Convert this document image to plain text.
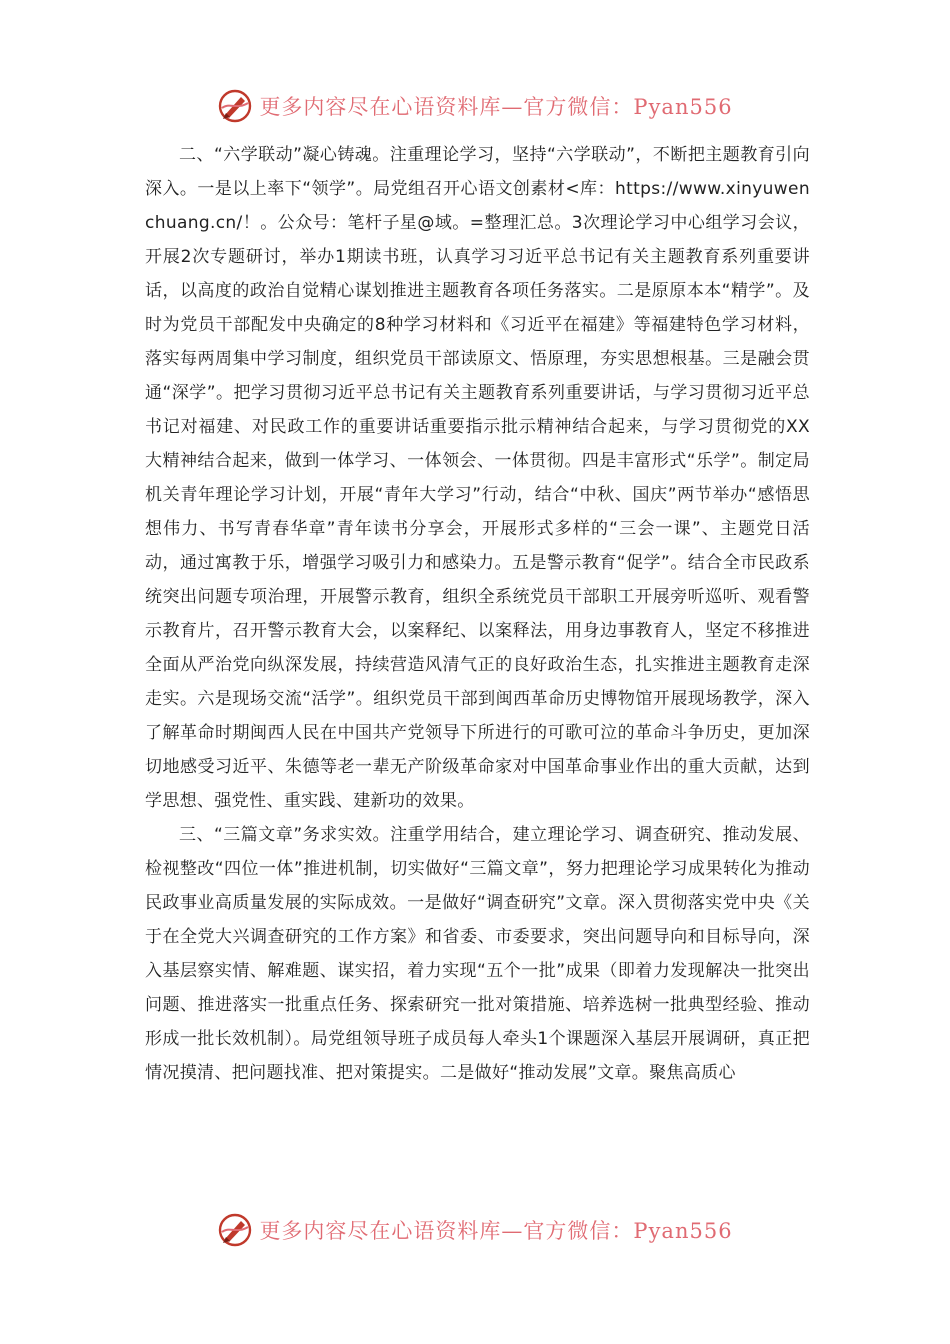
更多内容尽在心语资料库—官方微信：Pyan556

二、“六学联动”凝心铸魂。注重理论学习，坚持“六学联动”，不断把主题教育引向深入。一是以上率下“领学”。局党组召开心语文创素材<库：https://www.xinyuwenchuang.cn/！。公众号：笔杆子星@域。=整理汇总。3次理论学习中心组学习会议，开展2次专题研讨，举办1期读书班，认真学习习近平总书记有关主题教育系列重要讲话，以高度的政治自觉精心谋划推进主题教育各项任务落实。二是原原本本“精学”。及时为党员干部配发中央确定的8种学习材料和《习近平在福建》等福建特色学习材料，落实每两周集中学习制度，组织党员干部读原文、悟原理，夯实思想根基。三是融会贯通“深学”。把学习贯彻习近平总书记有关主题教育系列重要讲话，与学习贯彻习近平总书记对福建、对民政工作的重要讲话重要指示批示精神结合起来，与学习贯彻党的XX大精神结合起来，做到一体学习、一体领会、一体贯彻。四是丰富形式“乐学”。制定局机关青年理论学习计划，开展“青年大学习”行动，结合“中秋、国庆”两节举办“感悟思想伟力、书写青春华章”青年读书分享会，开展形式多样的“三会一课”、主题党日活动，通过寓教于乐，增强学习吸引力和感染力。五是警示教育“促学”。结合全市民政系统突出问题专项治理，开展警示教育，组织全系统党员干部职工开展旁听巡听、观看警示教育片，召开警示教育大会，以案释纪、以案释法，用身边事教育人，坚定不移推进全面从严治党向纵深发展，持续营造风清气正的良好政治生态，扎实推进主题教育走深走实。六是现场交流“活学”。组织党员干部到闽西革命历史博物馆开展现场教学，深入了解革命时期闽西人民在中国共产党领导下所进行的可歌可泣的革命斗争历史，更加深切地感受习近平、朱德等老一辈无产阶级革命家对中国革命事业作出的重大贡献，达到学思想、强党性、重实践、建新功的效果。

三、“三篇文章”务求实效。注重学用结合，建立理论学习、调查研究、推动发展、检视整改“四位一体”推进机制，切实做好“三篇文章”，努力把理论学习成果转化为推动民政事业高质量发展的实际成效。一是做好“调查研究”文章。深入贯彻落实党中央《关于在全党大兴调查研究的工作方案》和省委、市委要求，突出问题导向和目标导向，深入基层察实情、解难题、谋实招，着力实现“五个一批”成果（即着力发现解决一批突出问题、推进落实一批重点任务、探索研究一批对策措施、培养选树一批典型经验、推动形成一批长效机制）。局党组领导班子成员每人牵头1个课题深入基层开展调研，真正把情况摸清、把问题找准、把对策提实。二是做好“推动发展”文章。聚焦高质心

更多内容尽在心语资料库—官方微信：Pyan556
